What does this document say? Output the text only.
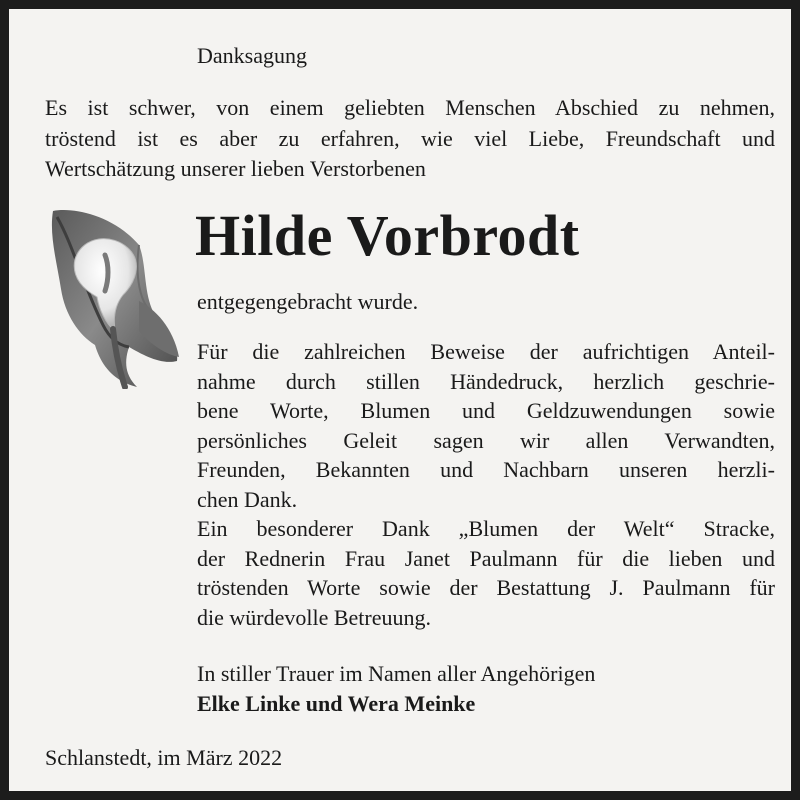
Danksagung
Es ist schwer, von einem geliebten Menschen Abschied zu nehmen,
tröstend ist es aber zu erfahren, wie viel Liebe, Freundschaft und
Wertschätzung unserer lieben Verstorbenen
Hilde Vorbrodt
entgegengebracht wurde.
Für die zahlreichen Beweise der aufrichtigen Anteil-
nahme durch stillen Händedruck, herzlich geschrie-
bene Worte, Blumen und Geldzuwendungen sowie
persönliches Geleit sagen wir allen Verwandten,
Freunden, Bekannten und Nachbarn unseren herzli-
chen Dank.
Ein besonderer Dank „Blumen der Welt“ Stracke,
der Rednerin Frau Janet Paulmann für die lieben und
tröstenden Worte sowie der Bestattung J. Paulmann für
die würdevolle Betreuung.
In stiller Trauer im Namen aller Angehörigen
Elke Linke und Wera Meinke
Schlanstedt, im März 2022
